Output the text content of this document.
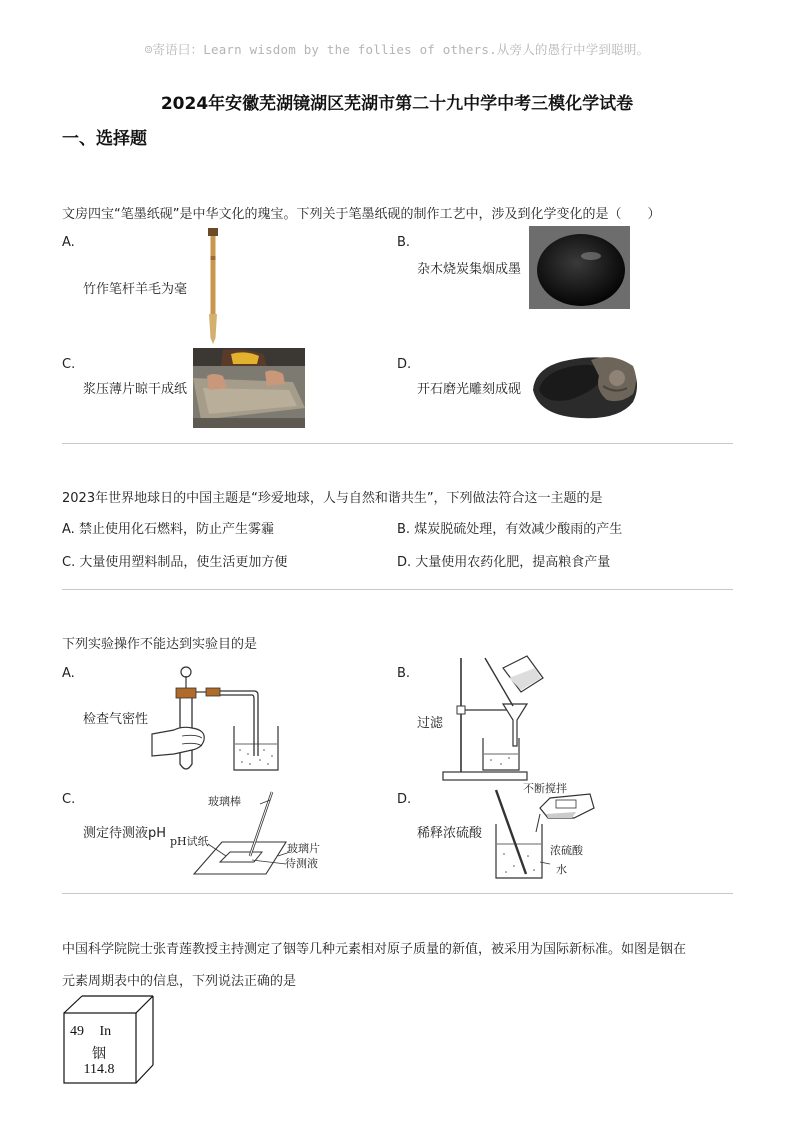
☺寄语曰：Learn wisdom by the follies of others.从旁人的愚行中学到聪明。
2024年安徽芜湖镜湖区芜湖市第二十九中学中考三模化学试卷
一、选择题
文房四宝“笔墨纸砚”是中华文化的瑰宝。下列关于笔墨纸砚的制作工艺中，涉及到化学变化的是（　　）
A.
竹作笔杆羊毛为毫
B.
杂木烧炭集烟成墨
C.
浆压薄片晾干成纸
D.
开石磨光雕刻成砚
2023年世界地球日的中国主题是“珍爱地球，人与自然和谐共生”，下列做法符合这一主题的是
A. 禁止使用化石燃料，防止产生雾霾	B. 煤炭脱硫处理，有效减少酸雨的产生
C. 大量使用塑料制品，使生活更加方便	D. 大量使用农药化肥，提高粮食产量
下列实验操作不能达到实验目的是
A.
检查气密性
B.
过滤
C.
测定待测液pH
玻璃棒
pH试纸
玻璃片
待测液
D.
稀释浓硫酸
不断搅拌
浓硫酸
水
中国科学院院士张青莲教授主持测定了铟等几种元素相对原子质量的新值，被采用为国际新标准。如图是铟在
元素周期表中的信息，下列说法正确的是
49 In
铟
114.8
